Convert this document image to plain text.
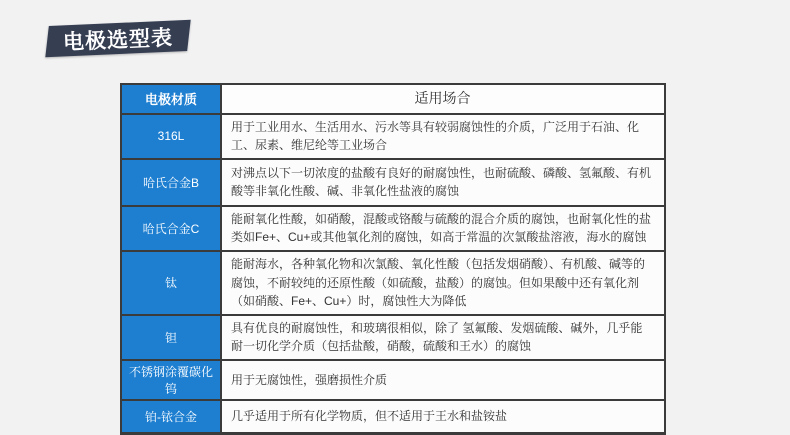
电极选型表
电极材质	适用场合
316L
用于工业用水、生活用水、污水等具有较弱腐蚀性的介质，广泛用于石油、化工、尿素、维尼纶等工业场合
哈氏合金B
对沸点以下一切浓度的盐酸有良好的耐腐蚀性，也耐硫酸、磷酸、氢氟酸、有机酸等非氧化性酸、碱、非氧化性盐液的腐蚀
哈氏合金C
能耐氧化性酸，如硝酸，混酸或铬酸与硫酸的混合介质的腐蚀，也耐氧化性的盐类如Fe+、Cu+或其他氧化剂的腐蚀，如高于常温的次氯酸盐溶液，海水的腐蚀
钛
能耐海水，各种氧化物和次氯酸、氧化性酸（包括发烟硝酸）、有机酸、碱等的腐蚀，不耐较纯的还原性酸（如硫酸，盐酸）的腐蚀。但如果酸中还有氧化剂（如硝酸、Fe+、Cu+）时，腐蚀性大为降低
钽
具有优良的耐腐蚀性，和玻璃很相似，除了 氢氟酸、发烟硫酸、碱外，几乎能耐一切化学介质（包括盐酸，硝酸，硫酸和王水）的腐蚀
不锈钢涂覆碳化钨
用于无腐蚀性，强磨损性介质
铂-铱合金	几乎适用于所有化学物质，但不适用于王水和盐铵盐
